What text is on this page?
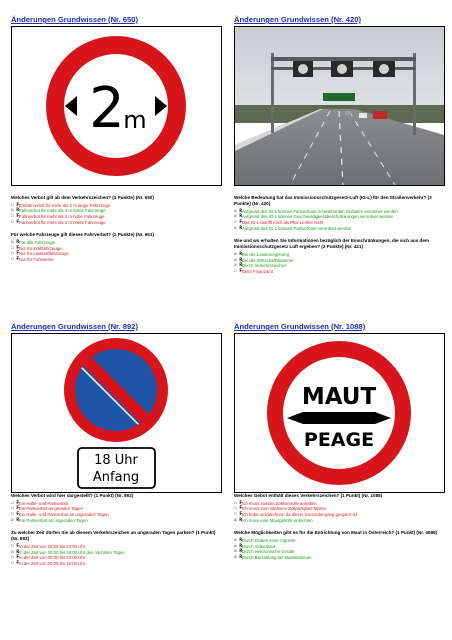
Änderungen Grundwissen (Nr. 650)
2
m
Welches Verbot gilt ab dem Verkehrszeichen? (3 Punkte) (Nr. 650)
☐ F Einfahrverbot für mehr als 2 m lange Fahrzeuge
☒ R Fahrverbot für mehr als 2 m breite Fahrzeuge
☐ F Fahrverbot für mehr als 2 m hohe Fahrzeuge
☐ F Parkverbot für mehr als 2 m breite Fahrzeuge
Für welche Fahrzeuge gilt dieses Fahrverbot? (2 Punkte) (Nr. 651)
☒ R Für alle Fahrzeuge
☐ F Nur für Kraftfahrzeuge
☐ F Nur für Lastkraftfahrzeuge
☐ F Nur für Fuhrwerke
Änderungen Grundwissen (Nr. 420)
Welche Bedeutung hat das Immissionsschutzgesetz-Luft (IG-L) für den Straßenverkehr? (3 Punkte) (Nr. 420)
☒ R Aufgrund des IG-L können Fahrverbote in bestimmten Gebieten verordnet werden
☒ R Aufgrund des IG-L können Geschwindigkeitsbeschränkungen verordnet werden
☐ F Das IG-L betrifft mich als Pkw-Lenker nicht
☒ R Aufgrund des IG-L können Parkverbote verordnet werden
Wie und wo erhalten Sie Informationen bezüglich der Einschränkungen, die sich aus dem Immissionsschutzgesetz Luft ergeben? (2 Punkte) (Nr. 421)
☒ R Bei der Landesregierung
☒ R Bei der Wirtschaftskammer
☒ R Durch Verkehrszeichen
☐ F Beim Finanzamt
Änderungen Grundwissen (Nr. 892)
18 Uhr
Anfang
Welches Verbot wird hier dargestellt? (1 Punkt) (Nr. 892)
☐ F Ein Halte- und Parkverbot
☐ F Ein Parkverbot an geraden Tagen
☐ F Ein Halte- und Parkverbot an ungeraden Tagen
☒ R Ein Parkverbot an ungeraden Tagen
Zu welcher Zeit dürfen Sie ab diesem Verkehrszeichen an ungeraden Tagen parken? (1 Punkt) (Nr. 893)
☐ F In der Zeit von 18:00 bis 24:00 Uhr
☒ R In der Zeit von 18:00 bis 18:00 Uhr des nächsten Tages
☐ F In der Zeit von 00:00 bis 24:00 Uhr
☐ F In der Zeit von 00:00 bis 18:00 Uhr
Änderungen Grundwissen (Nr. 1088)
MAUT
PEAGE
Welches Gebot enthält dieses Verkehrszeichen? (1 Punkt) (Nr. 1088)
☐ F Ich muss zwecks Zollkontrolle anhalten
☐ F Ich muss zum nächsten Zollparkplatz fahren
☐ F Ich habe umzukehren, da dieser Grenzübergang gesperrt ist
☒ R Ich muss eine Mautgebühr entrichten
Welche Möglichkeiten gibt es für die Entrichtung von Maut in Österreich? (1 Punkt) (Nr. 4089)
☒ R Durch Kleben einer Vignette
☒ R Durch Videomaut
☒ R Durch elektronische Geräte
☒ R Durch Barzahlung bei Mautstationen
